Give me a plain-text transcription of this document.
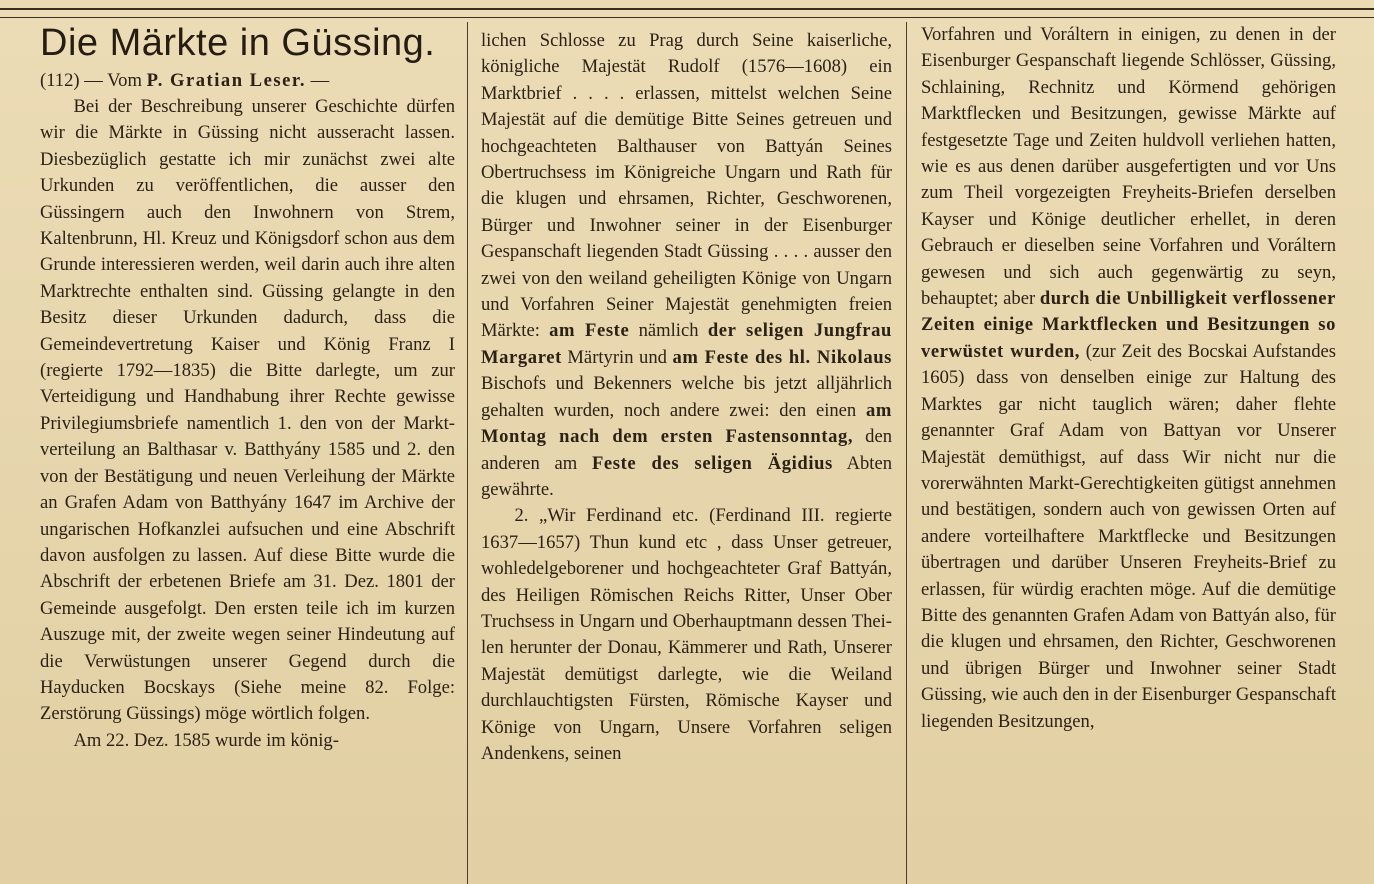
Die Märkte in Güssing.

(112) — Vom P. Gratian Leser. —

Bei der Beschreibung unserer Geschichte dürfen wir die Märkte in Güssing nicht ausseracht lassen. Diesbezüglich gestatte ich mir zunächst zwei alte Urkunden zu veröffentlichen, die ausser den Güssingern auch den Inwohnern von Strem, Kaltenbrunn, Hl. Kreuz und Königsdorf schon aus dem Grunde interessieren werden, weil darin auch ihre alten Marktrechte enthalten sind. Güssing gelangte in den Besitz dieser Urkunden dadurch, dass die Gemeindevertretung Kaiser und König Franz I (regierte 1792—1835) die Bitte darlegte, um zur Verteidigung und Handhabung ihrer Rechte gewisse Privilegiumsbriefe namentlich 1. den von der Marktverteilung an Balthasar v. Batthyány 1585 und 2. den von der Bestätigung und neuen Verleihung der Märkte an Grafen Adam von Batthyány 1647 im Archive der ungarischen Hofkanzlei aufsuchen und eine Abschrift davon ausfolgen zu lassen. Auf diese Bitte wurde die Abschrift der erbetenen Briefe am 31. Dez. 1801 der Gemeinde ausgefolgt. Den ersten teile ich im kurzen Auszuge mit, der zweite wegen seiner Hindeutung auf die Verwüstungen unserer Gegend durch die Hayducken Bocskays (Siehe meine 82. Folge: Zerstörung Güssings) möge wörtlich folgen.

Am 22. Dez. 1585 wurde im könig-

lichen Schlosse zu Prag durch Seine kaiserliche, königliche Majestät Rudolf (1576—1608) ein Marktbrief . . . . erlassen, mittelst welchen Seine Majestät auf die demütige Bitte Seines getreuen und hochgeachteten Balthauser von Battyán Seines Obertruchsess im Königreiche Ungarn und Rath für die klugen und ehrsamen, Richter, Geschworenen, Bürger und Inwohner seiner in der Eisenburger Gespanschaft liegenden Stadt Güssing . . . . ausser den zwei von den weiland geheiligten Könige von Ungarn und Vorfahren Seiner Majestät genehmigten freien Märkte: am Feste nämlich der seligen Jungfrau Margaret Märtyrin und am Feste des hl. Nikolaus Bischofs und Bekenners welche bis jetzt alljährlich gehalten wurden, noch andere zwei: den einen am Montag nach dem ersten Fastensonntag, den anderen am Feste des seligen Ägidius Abten gewährte.

2. „Wir Ferdinand etc. (Ferdinand III. regierte 1637—1657) Thun kund etc , dass Unser getreuer, wohledelgeborener und hochgeachteter Graf Battyán, des Heiligen Römischen Reichs Ritter, Unser Ober Truchsess in Ungarn und Oberhauptmann dessen Theilen herunter der Donau, Kämmerer und Rath, Unserer Majestät demütigst darlegte, wie die Weiland durchlauchtigsten Fürsten, Römische Kayser und Könige von Ungarn, Unsere Vorfahren seligen Andenkens, seinen

Vorfahren und Voráltern in einigen, zu denen in der Eisenburger Gespanschaft liegende Schlösser, Güssing, Schlaining, Rechnitz und Körmend gehörigen Marktflecken und Besitzungen, gewisse Märkte auf festgesetzte Tage und Zeiten huldvoll verliehen hatten, wie es aus denen darüber ausgefertigten und vor Uns zum Theil vorgezeigten Freyheits-Briefen derselben Kayser und Könige deutlicher erhellet, in deren Gebrauch er dieselben seine Vorfahren und Voráltern gewesen und sich auch gegenwärtig zu seyn, behauptet; aber durch die Unbilligkeit verflossener Zeiten einige Marktflecken und Besitzungen so verwüstet wurden, (zur Zeit des Bocskai Aufstandes 1605) dass von denselben einige zur Haltung des Marktes gar nicht tauglich wären; daher flehte genannter Graf Adam von Battyan vor Unserer Majestät demüthigst, auf dass Wir nicht nur die vorerwähnten Markt-Gerechtigkeiten gütigst annehmen und bestätigen, sondern auch von gewissen Orten auf andere vorteilhaftere Marktflecke und Besitzungen übertragen und darüber Unseren Freyheits-Brief zu erlassen, für würdig erachten möge. Auf die demütige Bitte des genannten Grafen Adam von Battyán also, für die klugen und ehrsamen, den Richter, Geschworenen und übrigen Bürger und Inwohner seiner Stadt Güssing, wie auch den in der Eisenburger Gespanschaft liegenden Besitzungen,
